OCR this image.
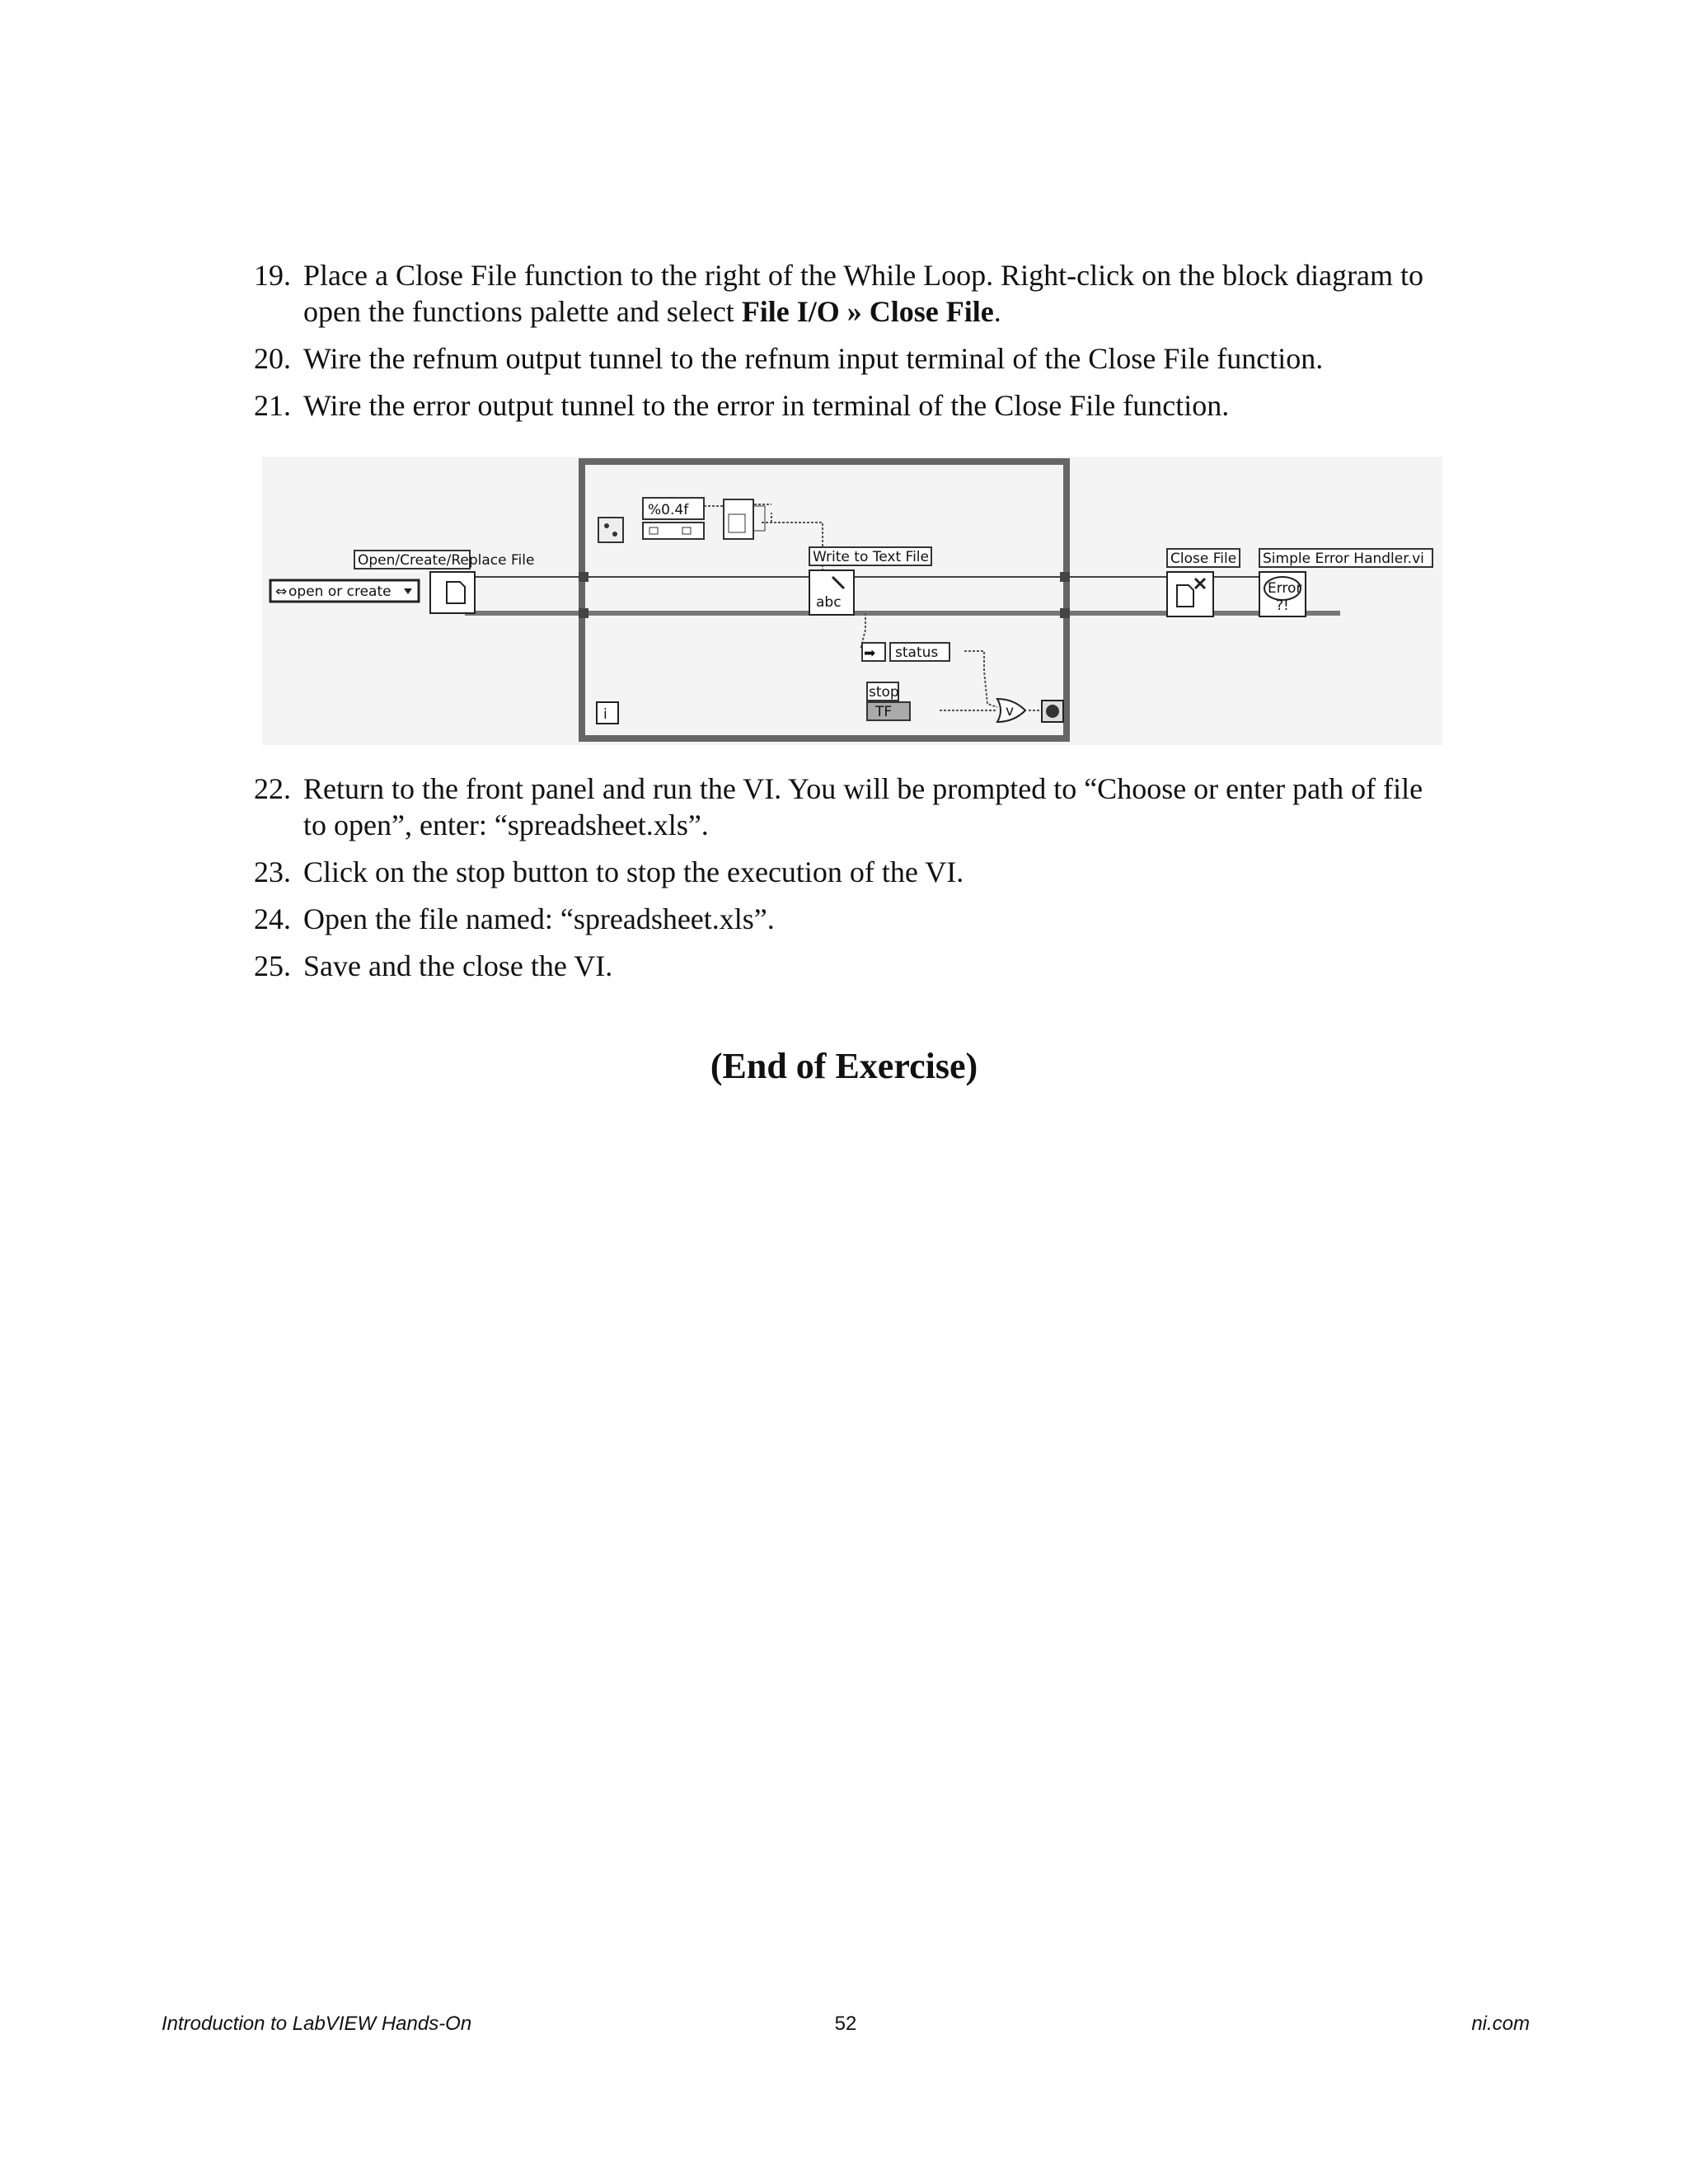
19. Place a Close File function to the right of the While Loop. Right-click on the block diagram to open the functions palette and select File I/O » Close File.
20. Wire the refnum output tunnel to the refnum input terminal of the Close File function.
21. Wire the error output tunnel to the error in terminal of the Close File function.
i
%0.4f
Open/Create/Replace File
⇔ open or create
Write to Text File
abc
➡ status
stop
TF	v
Close File Simple Error Handler.vi
Error
?!
22. Return to the front panel and run the VI. You will be prompted to “Choose or enter path of file to open”, enter: “spreadsheet.xls”.
23. Click on the stop button to stop the execution of the VI.
24. Open the file named: “spreadsheet.xls”.
25. Save and the close the VI.
(End of Exercise)
Introduction to LabVIEW Hands-On	52	ni.com
